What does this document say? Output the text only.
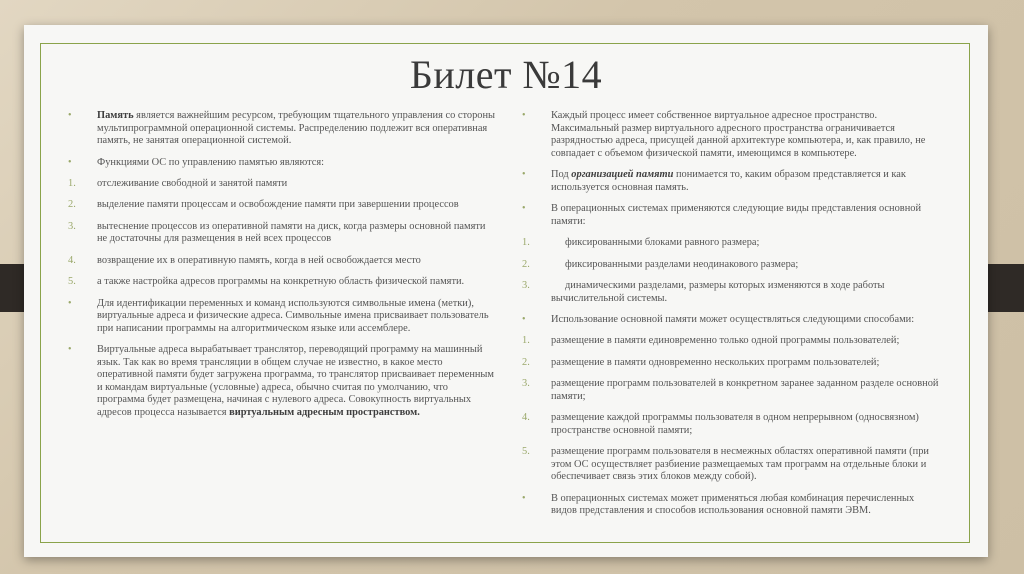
Билет №14
•	Память является важнейшим ресурсом, требующим тщательного управления со стороны мультипрограммной операционной системы. Распределению подлежит вся оперативная память, не занятая операционной системой.
•	Функциями ОС по управлению памятью являются:
1.	отслеживание свободной и занятой памяти
2.	выделение памяти процессам и освобождение памяти при завершении процессов
3.	вытеснение процессов из оперативной памяти на диск, когда размеры основной памяти не достаточны для размещения в ней всех процессов
4.	возвращение их в оперативную память, когда в ней освобождается место
5.	а также настройка адресов программы на конкретную область физической памяти.
•	Для идентификации переменных и команд используются символьные имена (метки), виртуальные адреса и физические адреса. Символьные имена присваивает пользователь при написании программы на алгоритмическом языке или ассемблере.
•	Виртуальные адреса вырабатывает транслятор, переводящий программу на машинный язык. Так как во время трансляции в общем случае не известно, в какое место оперативной памяти будет загружена программа, то транслятор присваивает переменным и командам виртуальные (условные) адреса, обычно считая по умолчанию, что программа будет размещена, начиная с нулевого адреса. Совокупность виртуальных адресов процесса называется виртуальным адресным пространством.
•	Каждый процесс имеет собственное виртуальное адресное пространство. Максимальный размер виртуального адресного пространства ограничивается разрядностью адреса, присущей данной архитектуре компьютера, и, как правило, не совпадает с объемом физической памяти, имеющимся в компьютере.
•	Под организацией памяти понимается то, каким образом представляется и как используется основная память.
•	В операционных системах применяются следующие виды представления основной памяти:
1.	фиксированными блоками равного размера;
2.	фиксированными разделами неодинакового размера;
3.	динамическими разделами, размеры которых изменяются в ходе работы вычислительной системы.
•	Использование основной памяти может осуществляться следующими способами:
1.	размещение в памяти единовременно только одной программы пользователей;
2.	размещение в памяти одновременно нескольких программ пользователей;
3.	размещение программ пользователей в конкретном заранее заданном разделе основной памяти;
4.	размещение каждой программы пользователя в одном непрерывном (односвязном) пространстве основной памяти;
5.	размещение программ пользователя в несмежных областях оперативной памяти (при этом ОС осуществляет разбиение размещаемых там программ на отдельные блоки и обеспечивает связь этих блоков между собой).
•	В операционных системах может применяться любая комбинация перечисленных видов представления и способов использования основной памяти ЭВМ.
